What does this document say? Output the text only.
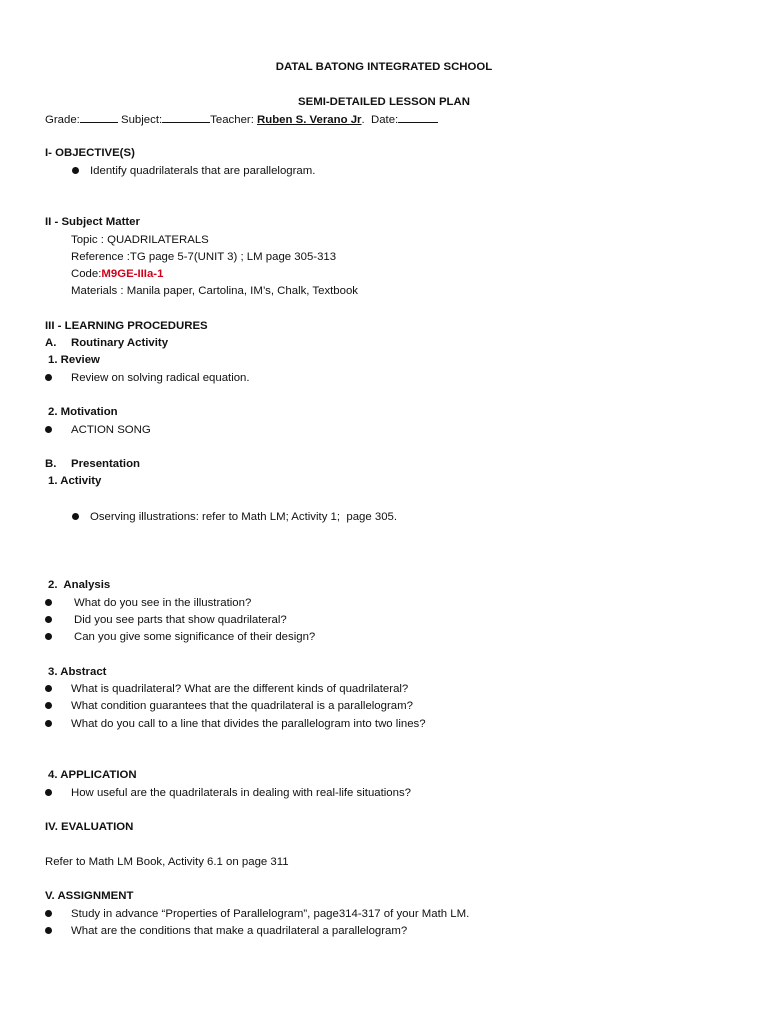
DATAL BATONG INTEGRATED SCHOOL
SEMI-DETAILED LESSON PLAN
Grade:	Subject:	Teacher: Ruben S. Verano Jr. Date:
I- OBJECTIVE(S)
Identify quadrilaterals that are parallelogram.
II - Subject Matter
Topic : QUADRILATERALS
Reference :TG page 5-7(UNIT 3) ; LM page 305-313
Code:M9GE-IIIa-1
Materials : Manila paper, Cartolina, IM’s, Chalk, Textbook
III - LEARNING PROCEDURES
A. Routinary Activity
1. Review
Review on solving radical equation.
2. Motivation
ACTION SONG
B. Presentation
1. Activity
Oserving illustrations: refer to Math LM; Activity 1;  page 305.
2.  Analysis
What do you see in the illustration?
Did you see parts that show quadrilateral?
Can you give some significance of their design?
3. Abstract
What is quadrilateral? What are the different kinds of quadrilateral?
What condition guarantees that the quadrilateral is a parallelogram?
What do you call to a line that divides the parallelogram into two lines?
4. APPLICATION
How useful are the quadrilaterals in dealing with real-life situations?
IV. EVALUATION
Refer to Math LM Book, Activity 6.1 on page 311
V. ASSIGNMENT
Study in advance “Properties of Parallelogram”, page314-317 of your Math LM.
What are the conditions that make a quadrilateral a parallelogram?
